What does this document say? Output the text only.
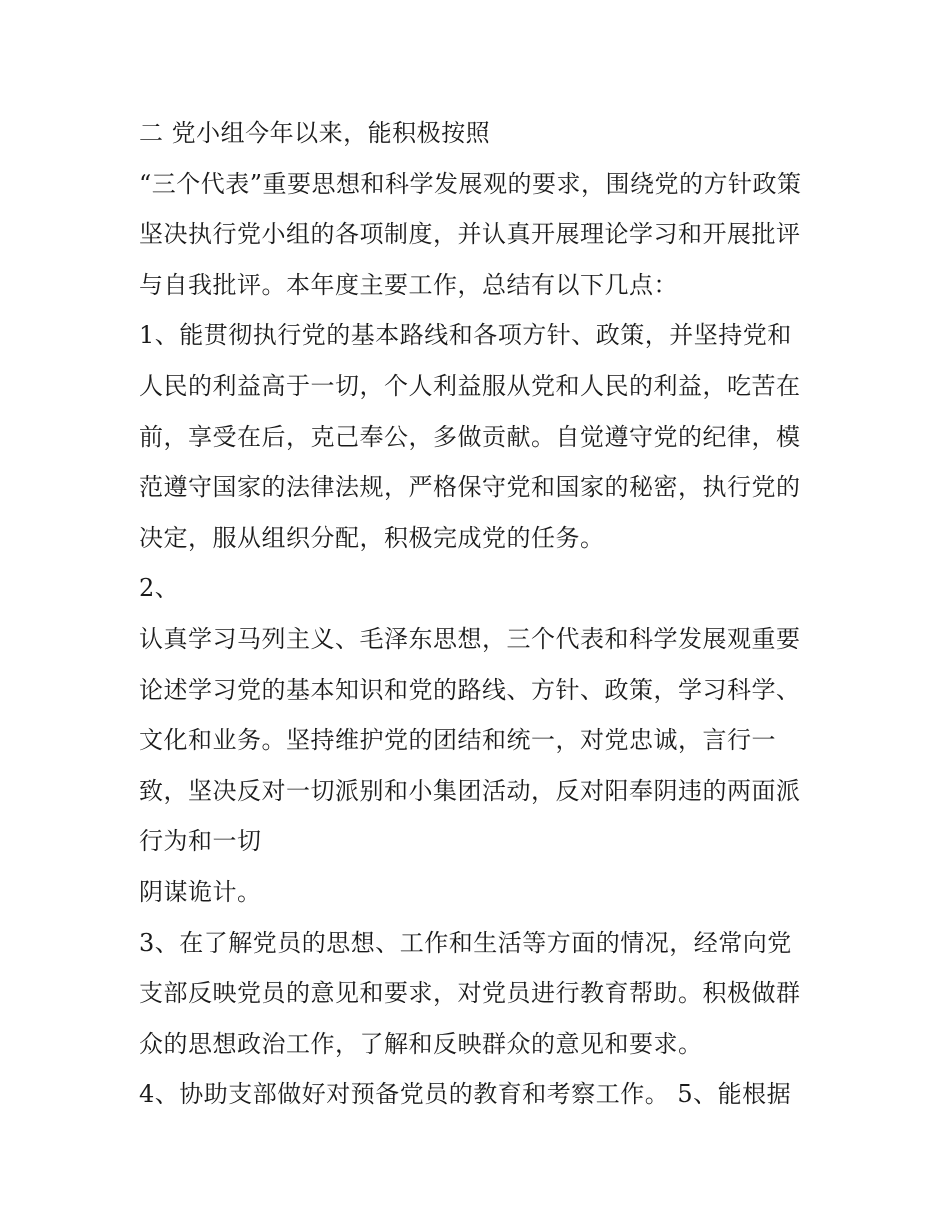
二 党小组今年以来，能积极按照
“三个代表”重要思想和科学发展观的要求，围绕党的方针政策
坚决执行党小组的各项制度，并认真开展理论学习和开展批评
与自我批评。本年度主要工作，总结有以下几点：
1、能贯彻执行党的基本路线和各项方针、政策，并坚持党和
人民的利益高于一切，个人利益服从党和人民的利益，吃苦在
前，享受在后，克己奉公，多做贡献。自觉遵守党的纪律，模
范遵守国家的法律法规，严格保守党和国家的秘密，执行党的
决定，服从组织分配，积极完成党的任务。
2、
认真学习马列主义、毛泽东思想，三个代表和科学发展观重要
论述学习党的基本知识和党的路线、方针、政策，学习科学、
文化和业务。坚持维护党的团结和统一，对党忠诚，言行一
致，坚决反对一切派别和小集团活动，反对阳奉阴违的两面派
行为和一切
阴谋诡计。
3、在了解党员的思想、工作和生活等方面的情况，经常向党
支部反映党员的意见和要求，对党员进行教育帮助。积极做群
众的思想政治工作，了解和反映群众的意见和要求。
4、协助支部做好对预备党员的教育和考察工作。 5、能根据
